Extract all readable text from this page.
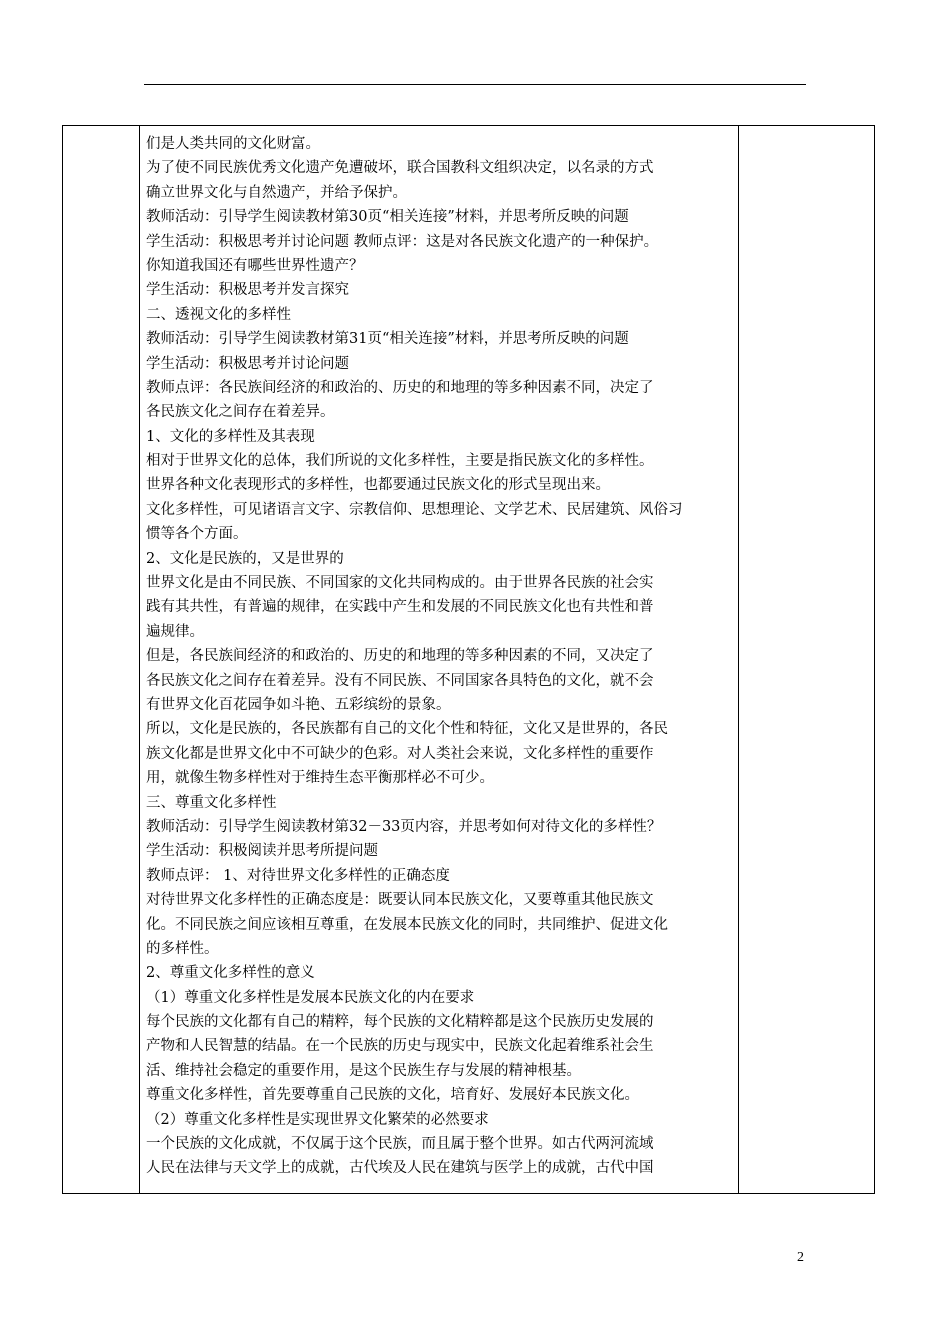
们是人类共同的文化财富。
为了使不同民族优秀文化遗产免遭破坏，联合国教科文组织决定，以名录的方式
确立世界文化与自然遗产，并给予保护。
教师活动：引导学生阅读教材第30页“相关连接”材料，并思考所反映的问题
学生活动：积极思考并讨论问题 教师点评：这是对各民族文化遗产的一种保护。
你知道我国还有哪些世界性遗产？
学生活动：积极思考并发言探究
二、透视文化的多样性
教师活动：引导学生阅读教材第31页“相关连接”材料，并思考所反映的问题
学生活动：积极思考并讨论问题
教师点评：各民族间经济的和政治的、历史的和地理的等多种因素不同，决定了
各民族文化之间存在着差异。
1、文化的多样性及其表现
相对于世界文化的总体，我们所说的文化多样性，主要是指民族文化的多样性。
世界各种文化表现形式的多样性，也都要通过民族文化的形式呈现出来。
文化多样性，可见诸语言文字、宗教信仰、思想理论、文学艺术、民居建筑、风俗习
惯等各个方面。
2、文化是民族的，又是世界的
世界文化是由不同民族、不同国家的文化共同构成的。由于世界各民族的社会实
践有其共性，有普遍的规律，在实践中产生和发展的不同民族文化也有共性和普
遍规律。
但是，各民族间经济的和政治的、历史的和地理的等多种因素的不同，又决定了
各民族文化之间存在着差异。没有不同民族、不同国家各具特色的文化，就不会
有世界文化百花园争如斗艳、五彩缤纷的景象。
所以，文化是民族的，各民族都有自己的文化个性和特征，文化又是世界的，各民
族文化都是世界文化中不可缺少的色彩。对人类社会来说，文化多样性的重要作
用，就像生物多样性对于维持生态平衡那样必不可少。
三、尊重文化多样性
教师活动：引导学生阅读教材第32－33页内容，并思考如何对待文化的多样性？
学生活动：积极阅读并思考所提问题
教师点评： 1、对待世界文化多样性的正确态度
对待世界文化多样性的正确态度是：既要认同本民族文化，又要尊重其他民族文
化。不同民族之间应该相互尊重，在发展本民族文化的同时，共同维护、促进文化
的多样性。
2、尊重文化多样性的意义
（1）尊重文化多样性是发展本民族文化的内在要求
每个民族的文化都有自己的精粹，每个民族的文化精粹都是这个民族历史发展的
产物和人民智慧的结晶。在一个民族的历史与现实中，民族文化起着维系社会生
活、维持社会稳定的重要作用，是这个民族生存与发展的精神根基。
尊重文化多样性，首先要尊重自己民族的文化，培育好、发展好本民族文化。
（2）尊重文化多样性是实现世界文化繁荣的必然要求
一个民族的文化成就，不仅属于这个民族，而且属于整个世界。如古代两河流域
人民在法律与天文学上的成就，古代埃及人民在建筑与医学上的成就，古代中国

2
